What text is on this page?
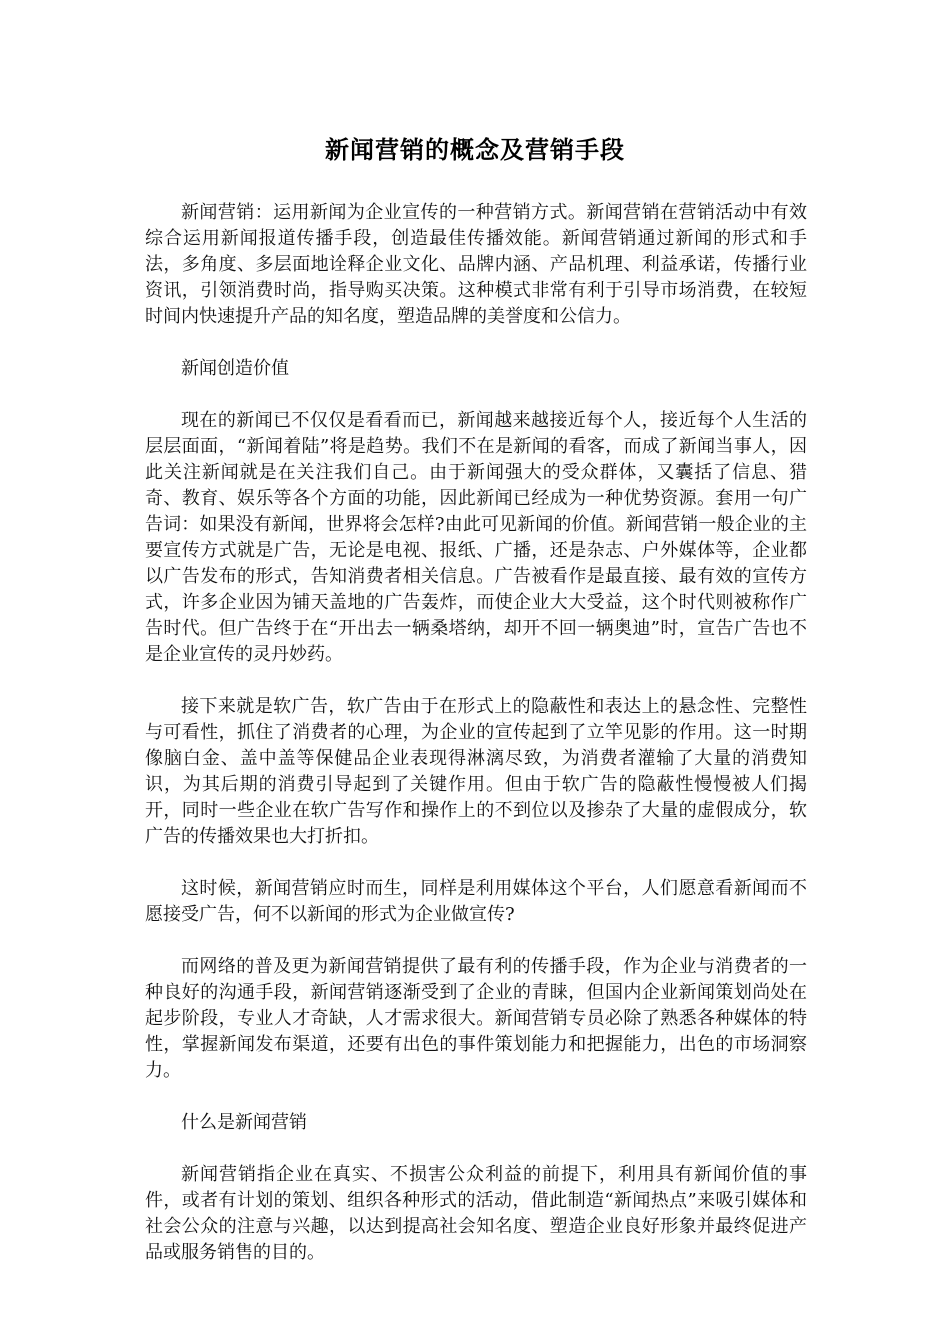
新闻营销的概念及营销手段

新闻营销：运用新闻为企业宣传的一种营销方式。新闻营销在营销活动中有效综合运用新闻报道传播手段，创造最佳传播效能。新闻营销通过新闻的形式和手法，多角度、多层面地诠释企业文化、品牌内涵、产品机理、利益承诺，传播行业资讯，引领消费时尚，指导购买决策。这种模式非常有利于引导市场消费，在较短时间内快速提升产品的知名度，塑造品牌的美誉度和公信力。

新闻创造价值

现在的新闻已不仅仅是看看而已，新闻越来越接近每个人，接近每个人生活的层层面面，“新闻着陆”将是趋势。我们不在是新闻的看客，而成了新闻当事人，因此关注新闻就是在关注我们自己。由于新闻强大的受众群体，又囊括了信息、猎奇、教育、娱乐等各个方面的功能，因此新闻已经成为一种优势资源。套用一句广告词：如果没有新闻，世界将会怎样?由此可见新闻的价值。新闻营销一般企业的主要宣传方式就是广告，无论是电视、报纸、广播，还是杂志、户外媒体等，企业都以广告发布的形式，告知消费者相关信息。广告被看作是最直接、最有效的宣传方式，许多企业因为铺天盖地的广告轰炸，而使企业大大受益，这个时代则被称作广告时代。但广告终于在“开出去一辆桑塔纳，却开不回一辆奥迪”时，宣告广告也不是企业宣传的灵丹妙药。

接下来就是软广告，软广告由于在形式上的隐蔽性和表达上的悬念性、完整性与可看性，抓住了消费者的心理，为企业的宣传起到了立竿见影的作用。这一时期像脑白金、盖中盖等保健品企业表现得淋漓尽致，为消费者灌输了大量的消费知识，为其后期的消费引导起到了关键作用。但由于软广告的隐蔽性慢慢被人们揭开，同时一些企业在软广告写作和操作上的不到位以及掺杂了大量的虚假成分，软广告的传播效果也大打折扣。

这时候，新闻营销应时而生，同样是利用媒体这个平台，人们愿意看新闻而不愿接受广告，何不以新闻的形式为企业做宣传?

而网络的普及更为新闻营销提供了最有利的传播手段，作为企业与消费者的一种良好的沟通手段，新闻营销逐渐受到了企业的青睐，但国内企业新闻策划尚处在起步阶段，专业人才奇缺，人才需求很大。新闻营销专员必除了熟悉各种媒体的特性，掌握新闻发布渠道，还要有出色的事件策划能力和把握能力，出色的市场洞察力。

什么是新闻营销

新闻营销指企业在真实、不损害公众利益的前提下，利用具有新闻价值的事件，或者有计划的策划、组织各种形式的活动，借此制造“新闻热点”来吸引媒体和社会公众的注意与兴趣，以达到提高社会知名度、塑造企业良好形象并最终促进产品或服务销售的目的。
